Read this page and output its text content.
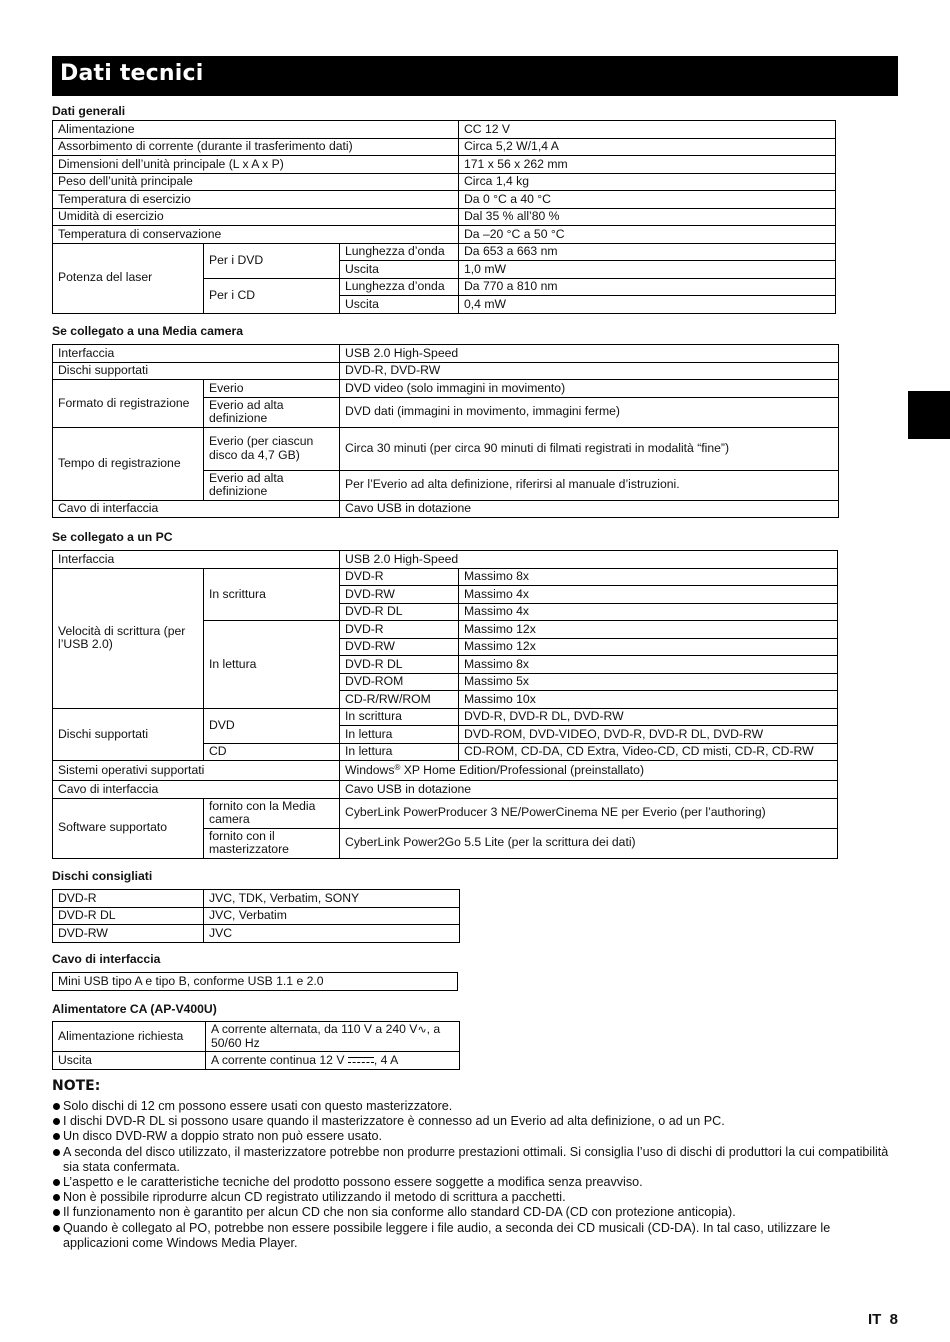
Dati tecnici
Dati generali
Alimentazione			CC 12 V
Assorbimento di corrente (durante il trasferimento dati)			Circa 5,2 W/1,4 A
Dimensioni dell’unità principale (L x A x P)			171 x 56 x 262 mm
Peso dell’unità principale			Circa 1,4 kg
Temperatura di esercizio			Da 0 °C a 40 °C
Umidità di esercizio			Dal 35 % all’80 %
Temperatura di conservazione			Da –20 °C a 50 °C
Potenza del laser	Per i DVD	Lunghezza d’onda	Da 653 a 663 nm
		Uscita	1,0 mW
	Per i CD	Lunghezza d’onda	Da 770 a 810 nm
		Uscita	0,4 mW
Se collegato a una Media camera
Interfaccia		USB 2.0 High-Speed
Dischi supportati		DVD-R, DVD-RW
Formato di registrazione	Everio	DVD video (solo immagini in movimento)
	Everio ad alta definizione	DVD dati (immagini in movimento, immagini ferme)
Tempo di registrazione	Everio (per ciascun disco da 4,7 GB)	Circa 30 minuti (per circa 90 minuti di filmati registrati in modalità “fine”)
	Everio ad alta definizione	Per l’Everio ad alta definizione, riferirsi al manuale d’istruzioni.
Cavo di interfaccia		Cavo USB in dotazione
Se collegato a un PC
Interfaccia		USB 2.0 High-Speed	
Velocità di scrittura (per l’USB 2.0)	In scrittura	DVD-R	Massimo 8x
		DVD-RW	Massimo 4x
		DVD-R DL	Massimo 4x
	In lettura	DVD-R	Massimo 12x
		DVD-RW	Massimo 12x
		DVD-R DL	Massimo 8x
		DVD-ROM	Massimo 5x
		CD-R/RW/ROM	Massimo 10x
Dischi supportati	DVD	In scrittura	DVD-R, DVD-R DL, DVD-RW
		In lettura	DVD-ROM, DVD-VIDEO, DVD-R, DVD-R DL, DVD-RW
	CD	In lettura	CD-ROM, CD-DA, CD Extra, Video-CD, CD misti, CD-R, CD-RW
Sistemi operativi supportati		Windows® XP Home Edition/Professional (preinstallato)	
Cavo di interfaccia		Cavo USB in dotazione	
Software supportato	fornito con la Media camera	CyberLink PowerProducer 3 NE/PowerCinema NE per Everio (per l’authoring)	
	fornito con il masterizzatore	CyberLink Power2Go 5.5 Lite (per la scrittura dei dati)	
Dischi consigliati
DVD-R	JVC, TDK, Verbatim, SONY
DVD-R DL	JVC, Verbatim
DVD-RW	JVC
Cavo di interfaccia
Mini USB tipo A e tipo B, conforme USB 1.1 e 2.0
Alimentatore CA (AP-V400U)
Alimentazione richiesta	A corrente alternata, da 110 V a 240 V∿, a 50/60 Hz
Uscita	A corrente continua 12 V , 4 A
NOTE:
Solo dischi di 12 cm possono essere usati con questo masterizzatore.
I dischi DVD-R DL si possono usare quando il masterizzatore è connesso ad un Everio ad alta definizione, o ad un PC.
Un disco DVD-RW a doppio strato non può essere usato.
A seconda del disco utilizzato, il masterizzatore potrebbe non produrre prestazioni ottimali. Si consiglia l’uso di dischi di produttori la cui compatibilità sia stata confermata.
L’aspetto e le caratteristiche tecniche del prodotto possono essere soggette a modifica senza preavviso.
Non è possibile riprodurre alcun CD registrato utilizzando il metodo di scrittura a pacchetti.
Il funzionamento non è garantito per alcun CD che non sia conforme allo standard CD-DA (CD con protezione anticopia).
Quando è collegato al PO, potrebbe non essere possibile leggere i file audio, a seconda dei CD musicali (CD-DA). In tal caso, utilizzare le applicazioni come Windows Media Player.
IT  8
